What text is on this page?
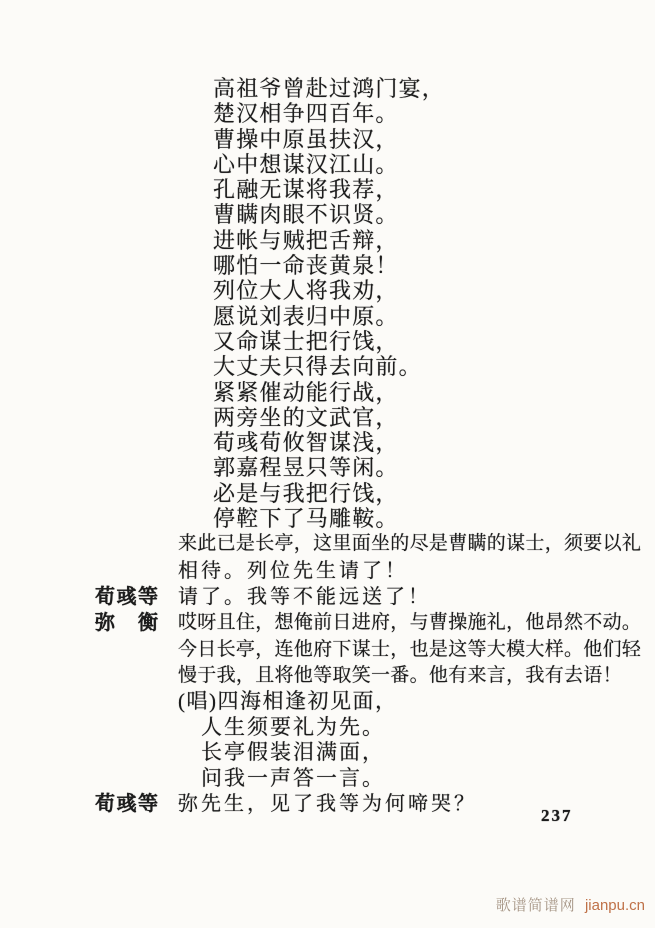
高祖爷曾赴过鸿门宴，
楚汉相争四百年。
曹操中原虽扶汉，
心中想谋汉江山。
孔融无谋将我荐，
曹瞒肉眼不识贤。
进帐与贼把舌辩，
哪怕一命丧黄泉！
列位大人将我劝，
愿说刘表归中原。
又命谋士把行饯，
大丈夫只得去向前。
紧紧催动能行战，
两旁坐的文武官，
荀彧荀攸智谋浅，
郭嘉程昱只等闲。
必是与我把行饯，
停鞚下了马雕鞍。
来此已是长亭，这里面坐的尽是曹瞒的谋士，须要以礼
相待。列位先生请了！
荀彧等 请了。我等不能远送了！
弥　衡 哎呀且住，想俺前日进府，与曹操施礼，他昂然不动。
今日长亭，连他府下谋士，也是这等大模大样。他们轻
慢于我，且将他等取笑一番。他有来言，我有去语！
(唱)四海相逢初见面，
人生须要礼为先。
长亭假装泪满面，
问我一声答一言。
荀彧等 弥先生，见了我等为何啼哭？
237
歌谱简谱网 jianpu.cn
